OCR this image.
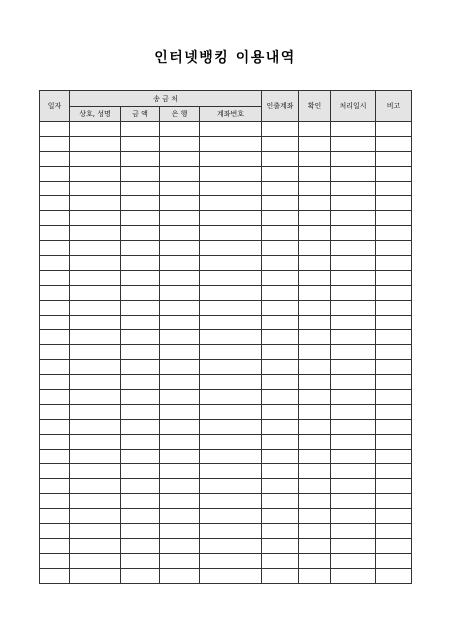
인터넷뱅킹 이용내역
일자	송 금 처				인출계좌	확인	처리일시	비고
	상호, 성명	금 액	은 행	계좌번호				
